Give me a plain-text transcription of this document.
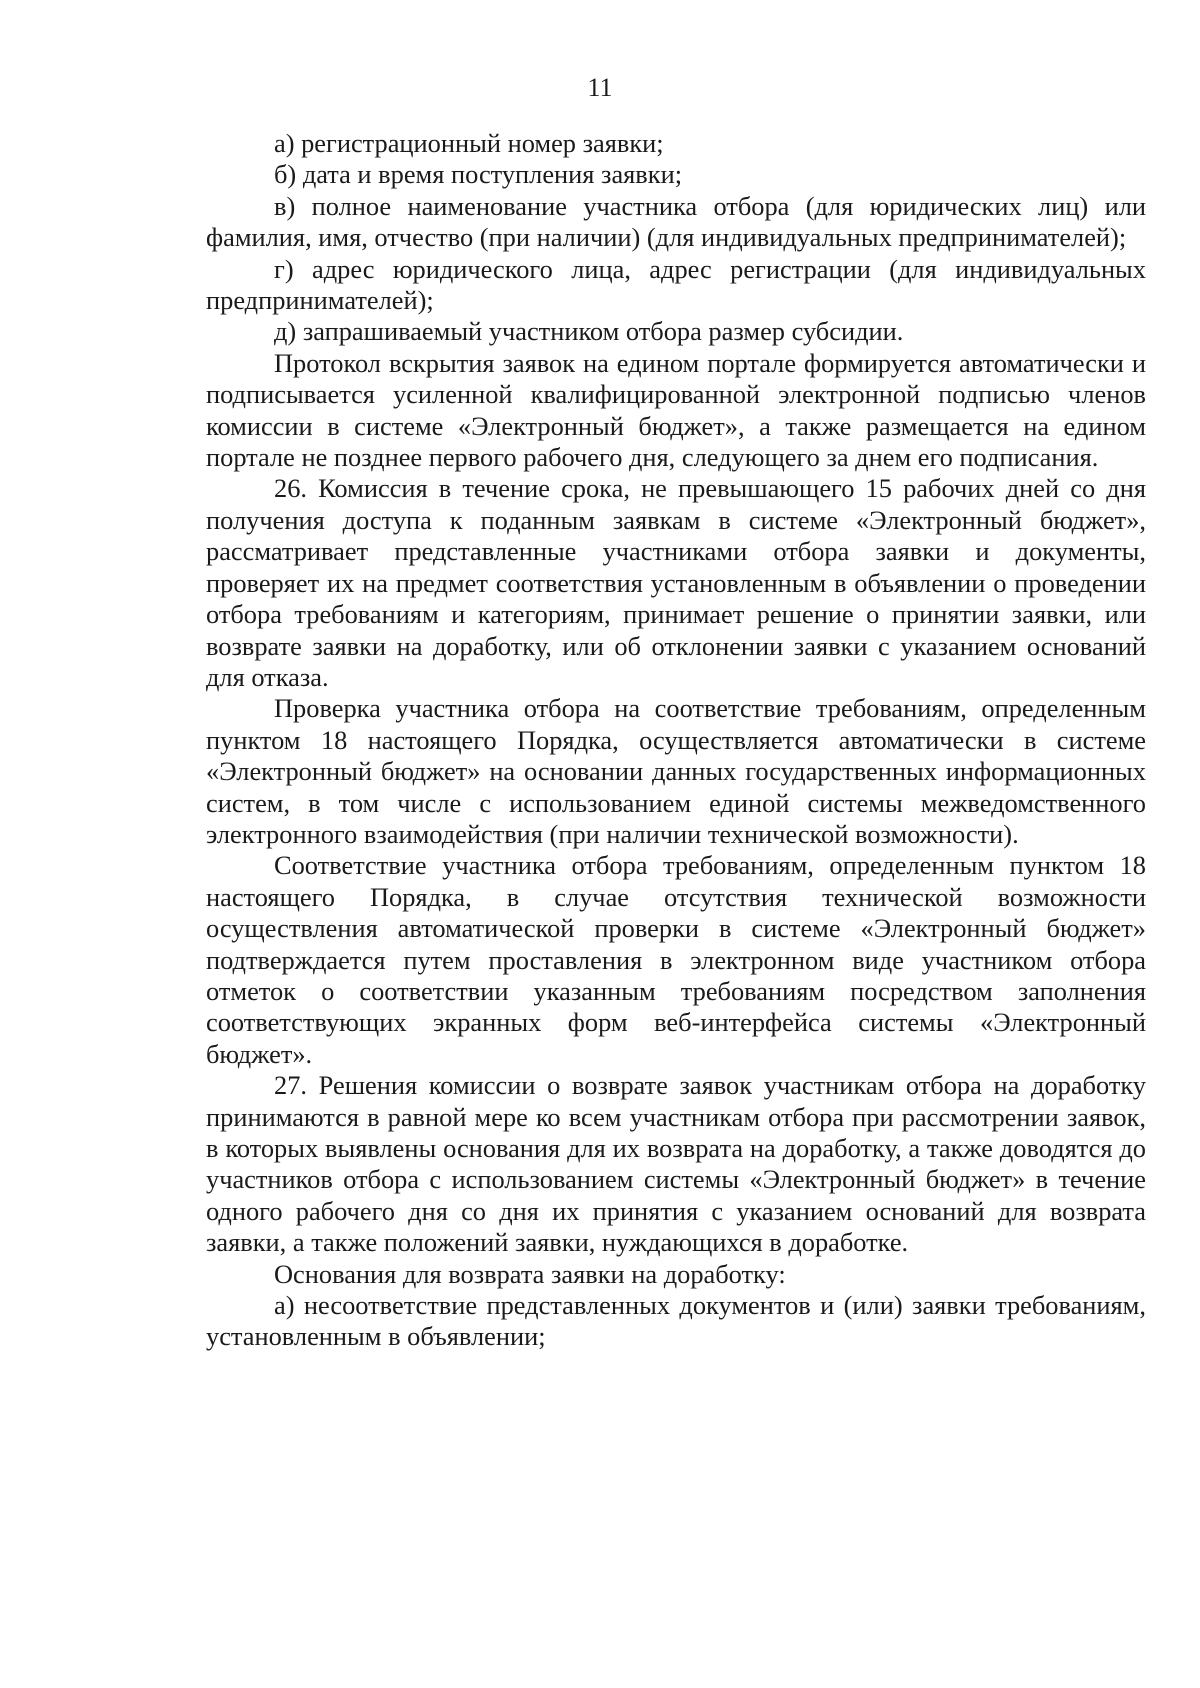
11

а) регистрационный номер заявки;

б) дата и время поступления заявки;

в) полное наименование участника отбора (для юридических лиц) или фамилия, имя, отчество (при наличии) (для индивидуальных предпринимателей);

г) адрес юридического лица, адрес регистрации (для индивидуальных предпринимателей);

д) запрашиваемый участником отбора размер субсидии.

Протокол вскрытия заявок на едином портале формируется автоматически и подписывается усиленной квалифицированной электронной подписью членов комиссии в системе «Электронный бюджет», а также размещается на едином портале не позднее первого рабочего дня, следующего за днем его подписания.

26. Комиссия в течение срока, не превышающего 15 рабочих дней со дня получения доступа к поданным заявкам в системе «Электронный бюджет», рассматривает представленные участниками отбора заявки и документы, проверяет их на предмет соответствия установленным в объявлении о проведении отбора требованиям и категориям, принимает решение о принятии заявки, или возврате заявки на доработку, или об отклонении заявки с указанием оснований для отказа.

Проверка участника отбора на соответствие требованиям, определенным пунктом 18 настоящего Порядка, осуществляется автоматически в системе «Электронный бюджет» на основании данных государственных информационных систем, в том числе с использованием единой системы межведомственного электронного взаимодействия (при наличии технической возможности).

Соответствие участника отбора требованиям, определенным пунктом 18 настоящего Порядка, в случае отсутствия технической возможности осуществления автоматической проверки в системе «Электронный бюджет» подтверждается путем проставления в электронном виде участником отбора отметок о соответствии указанным требованиям посредством заполнения соответствующих экранных форм веб-интерфейса системы «Электронный бюджет».

27. Решения комиссии о возврате заявок участникам отбора на доработку принимаются в равной мере ко всем участникам отбора при рассмотрении заявок, в которых выявлены основания для их возврата на доработку, а также доводятся до участников отбора с использованием системы «Электронный бюджет» в течение одного рабочего дня со дня их принятия с указанием оснований для возврата заявки, а также положений заявки, нуждающихся в доработке.

Основания для возврата заявки на доработку:

а) несоответствие представленных документов и (или) заявки требованиям, установленным в объявлении;
